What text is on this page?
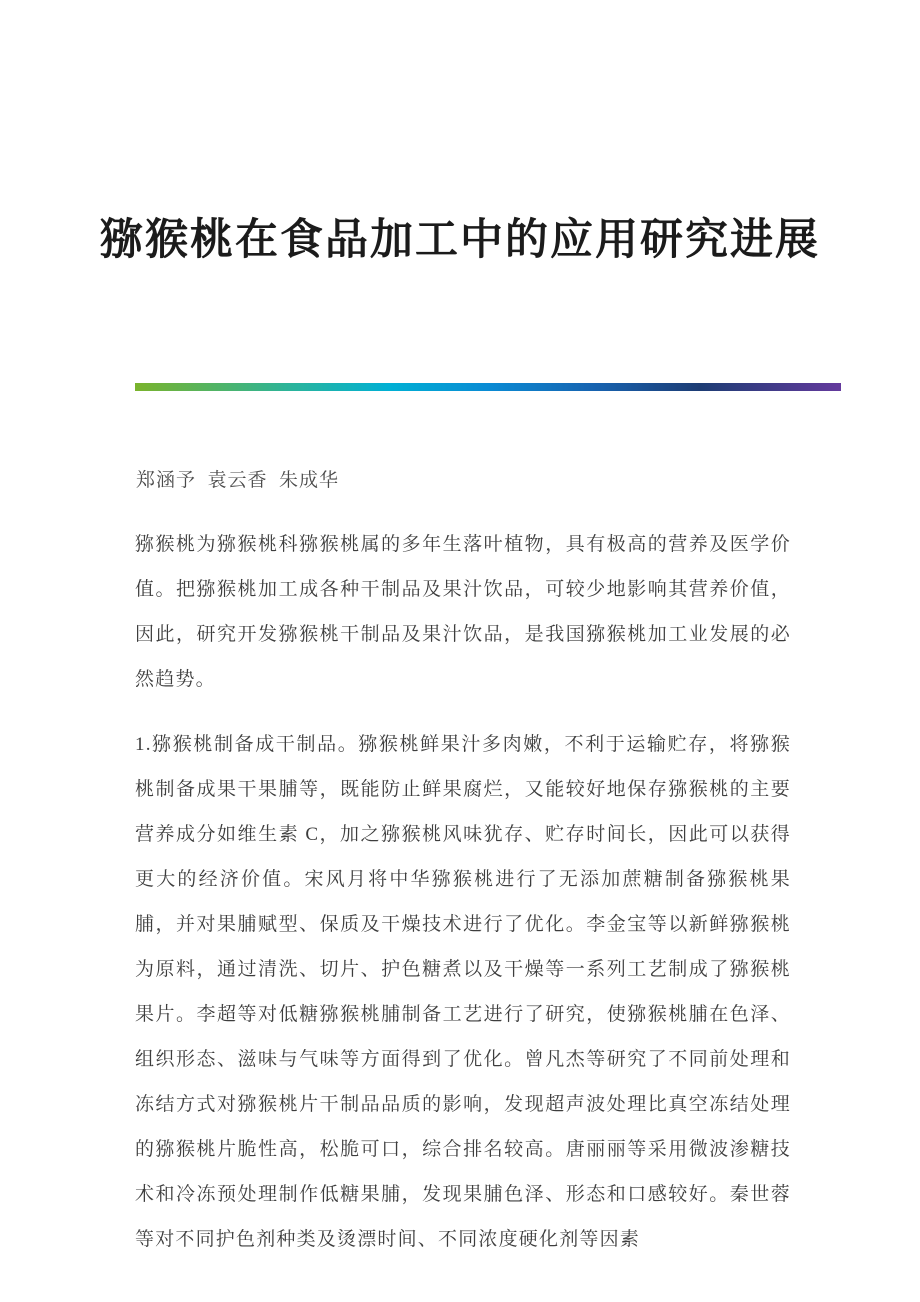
猕猴桃在食品加工中的应用研究进展
郑涵予  袁云香  朱成华

猕猴桃为猕猴桃科猕猴桃属的多年生落叶植物，具有极高的营养及医学价值。把猕猴桃加工成各种干制品及果汁饮品，可较少地影响其营养价值，因此，研究开发猕猴桃干制品及果汁饮品，是我国猕猴桃加工业发展的必然趋势。

1.猕猴桃制备成干制品。猕猴桃鲜果汁多肉嫩，不利于运输贮存，将猕猴桃制备成果干果脯等，既能防止鲜果腐烂，又能较好地保存猕猴桃的主要营养成分如维生素 C，加之猕猴桃风味犹存、贮存时间长，因此可以获得更大的经济价值。宋风月将中华猕猴桃进行了无添加蔗糖制备猕猴桃果脯，并对果脯赋型、保质及干燥技术进行了优化。李金宝等以新鲜猕猴桃为原料，通过清洗、切片、护色糖煮以及干燥等一系列工艺制成了猕猴桃果片。李超等对低糖猕猴桃脯制备工艺进行了研究，使猕猴桃脯在色泽、组织形态、滋味与气味等方面得到了优化。曾凡杰等研究了不同前处理和冻结方式对猕猴桃片干制品品质的影响，发现超声波处理比真空冻结处理的猕猴桃片脆性高，松脆可口，综合排名较高。唐丽丽等采用微波渗糖技术和冷冻预处理制作低糖果脯，发现果脯色泽、形态和口感较好。秦世蓉等对不同护色剂种类及烫漂时间、不同浓度硬化剂等因素
